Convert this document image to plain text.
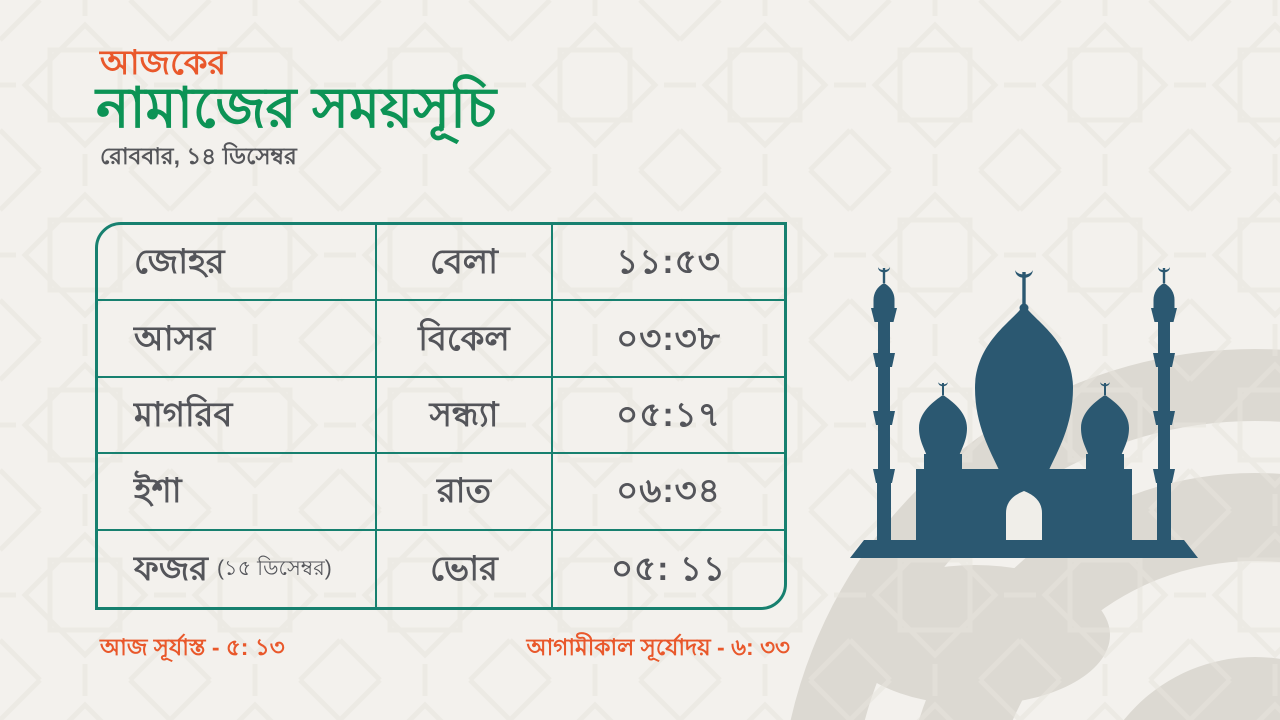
আজকের
নামাজের সময়সূচি
রোববার, ১৪ ডিসেম্বর
জোহর	বেলা	১১:৫৩
আসর	বিকেল	০৩:৩৮
মাগরিব	সন্ধ্যা	০৫:১৭
ইশা	রাত	০৬:৩৪
ফজর (১৫ ডিসেম্বর)	ভোর	০৫: ১১
আজ সূর্যাস্ত - ৫: ১৩	আগামীকাল সূর্যোদয় - ৬: ৩৩
